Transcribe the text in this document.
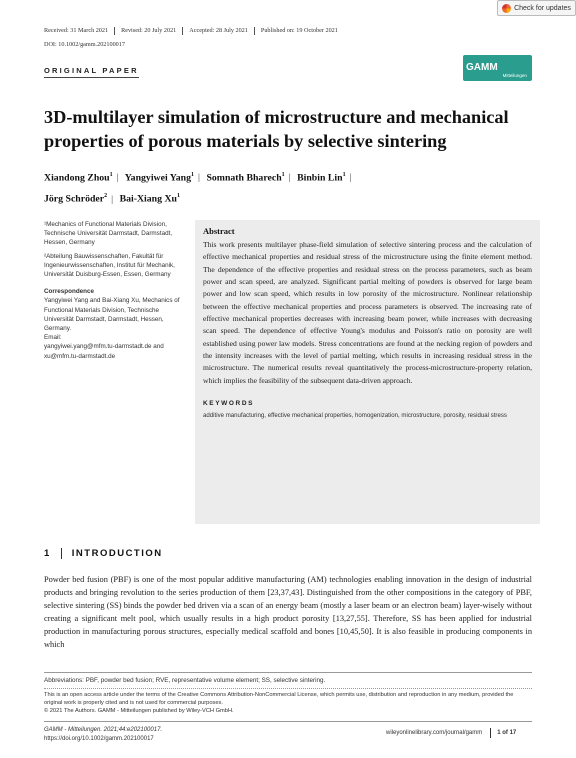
Check for updates
Received: 31 March 2021	Revised: 20 July 2021	Accepted: 28 July 2021	Published on: 19 October 2021
DOI: 10.1002/gamm.202100017
ORIGINAL PAPER	GAMM
Mitteilungen
3D-multilayer simulation of microstructure and mechanical properties of porous materials by selective sintering
Xiandong Zhou$^1$ | Yangyiwei Yang$^1$ | Somnath Bharech$^1$ | Binbin Lin$^1$ |
Jörg Schröder$^2$ | Bai-Xiang Xu$^1$

¹Mechanics of Functional Materials Division, Technische Universität Darmstadt, Darmstadt, Hessen, Germany

²Abteilung Bauwissenschaften, Fakultät für Ingenieurwissenschaften, Institut für Mechanik, Universität Duisburg-Essen, Essen, Germany

Correspondence

Yangyiwei Yang and Bai-Xiang Xu, Mechanics of Functional Materials Division, Technische Universität Darmstadt, Darmstadt, Hessen, Germany.

Email:

yangyiwei.yang@mfm.tu-darmstadt.de and xu@mfm.tu-darmstadt.de

Abstract

This work presents multilayer phase-field simulation of selective sintering process and the calculation of effective mechanical properties and residual stress of the microstructure using the finite element method. The dependence of the effective properties and residual stress on the process parameters, such as beam power and scan speed, are analyzed. Significant partial melting of powders is observed for large beam power and low scan speed, which results in low porosity of the microstructure. Nonlinear relationship between the effective mechanical properties and process parameters is observed. The increasing rate of effective mechanical properties decreases with increasing beam power, while increases with decreasing scan speed. The dependence of effective Young's modulus and Poisson's ratio on porosity are well established using power law models. Stress concentrations are found at the necking region of powders and the intensity increases with the level of partial melting, which results in increasing residual stress in the microstructure. The numerical results reveal quantitatively the process-microstructure-property relation, which implies the feasibility of the subsequent data-driven approach.

KEYWORDS

additive manufacturing, effective mechanical properties, homogenization, microstructure, porosity, residual stress

1 INTRODUCTION

Powder bed fusion (PBF) is one of the most popular additive manufacturing (AM) technologies enabling innovation in the design of industrial products and bringing revolution to the series production of them [23,37,43]. Distinguished from the other compositions in the category of PBF, selective sintering (SS) binds the powder bed driven via a scan of an energy beam (mostly a laser beam or an electron beam) layer-wisely without creating a significant melt pool, which usually results in a high product porosity [13,27,55]. Therefore, SS has been applied for industrial production in manufacturing porous structures, especially medical scaffold and bones [10,45,50]. It is also feasible in producing components in which

Abbreviations: PBF, powder bed fusion; RVE, representative volume element; SS, selective sintering.

This is an open access article under the terms of the Creative Commons Attribution-NonCommercial License, which permits use, distribution and reproduction in any medium, provided the original work is properly cited and is not used for commercial purposes.
© 2021 The Authors. GAMM - Mitteilungen published by Wiley-VCH GmbH.

GAMM - Mitteilungen. 2021;44:e202100017.
https://doi.org/10.1002/gamm.202100017
wileyonlinelibrary.com/journal/gamm	1 of 17
